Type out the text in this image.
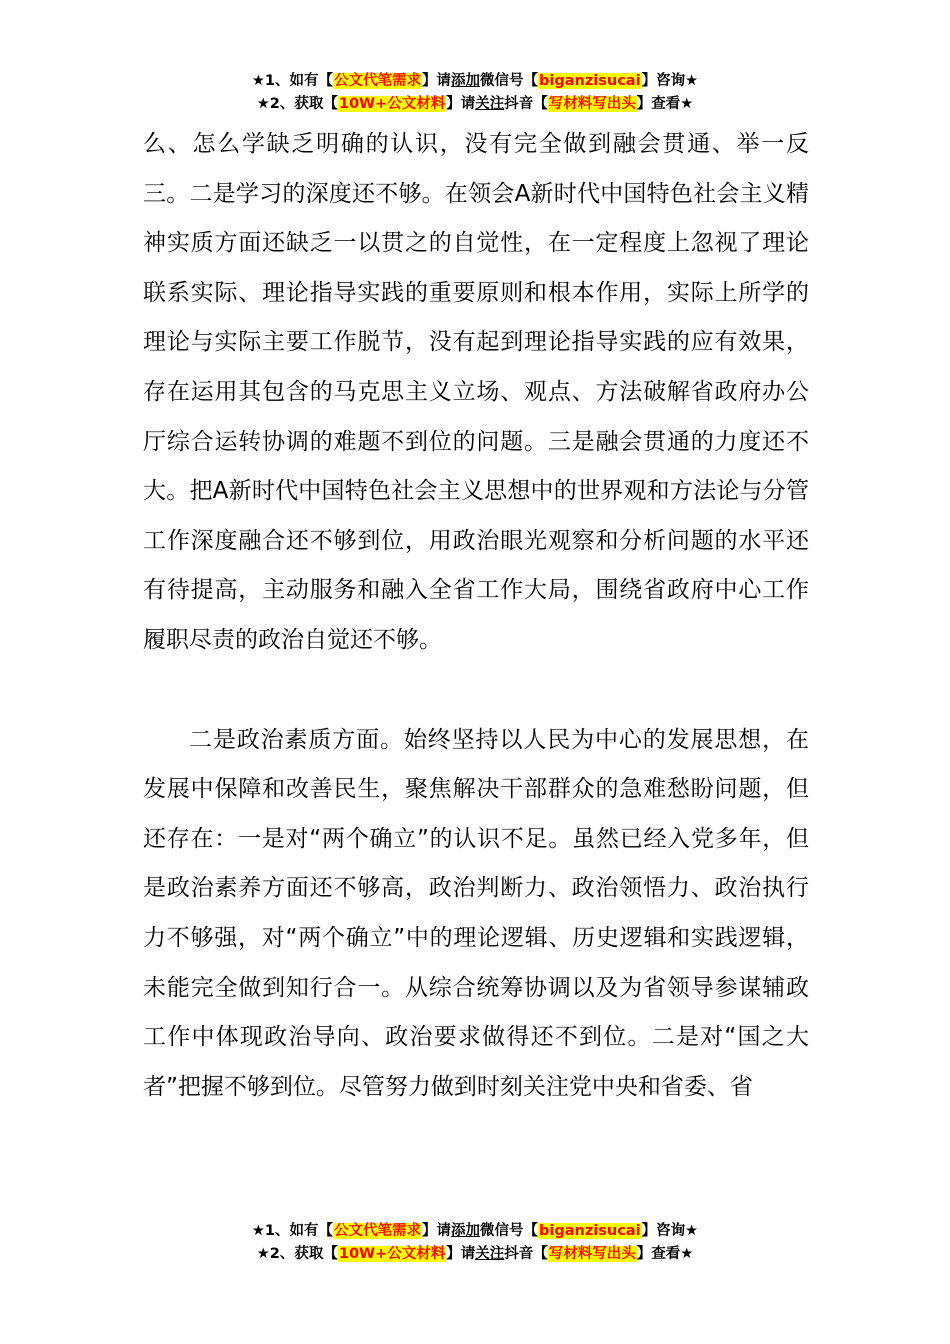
★1、如有【公文代笔需求】请添加微信号【biganzisucai】咨询★
★2、获取【10W+公文材料】请关注抖音【写材料写出头】查看★

么、怎么学缺乏明确的认识，没有完全做到融会贯通、举一反三。二是学习的深度还不够。在领会A新时代中国特色社会主义精神实质方面还缺乏一以贯之的自觉性，在一定程度上忽视了理论联系实际、理论指导实践的重要原则和根本作用，实际上所学的理论与实际主要工作脱节，没有起到理论指导实践的应有效果，存在运用其包含的马克思主义立场、观点、方法破解省政府办公厅综合运转协调的难题不到位的问题。三是融会贯通的力度还不大。把A新时代中国特色社会主义思想中的世界观和方法论与分管工作深度融合还不够到位，用政治眼光观察和分析问题的水平还有待提高，主动服务和融入全省工作大局，围绕省政府中心工作履职尽责的政治自觉还不够。

二是政治素质方面。始终坚持以人民为中心的发展思想，在发展中保障和改善民生，聚焦解决干部群众的急难愁盼问题，但还存在：一是对“两个确立”的认识不足。虽然已经入党多年，但是政治素养方面还不够高，政治判断力、政治领悟力、政治执行力不够强，对“两个确立”中的理论逻辑、历史逻辑和实践逻辑，未能完全做到知行合一。从综合统筹协调以及为省领导参谋辅政工作中体现政治导向、政治要求做得还不到位。二是对“国之大者”把握不够到位。尽管努力做到时刻关注党中央和省委、省

★1、如有【公文代笔需求】请添加微信号【biganzisucai】咨询★
★2、获取【10W+公文材料】请关注抖音【写材料写出头】查看★
